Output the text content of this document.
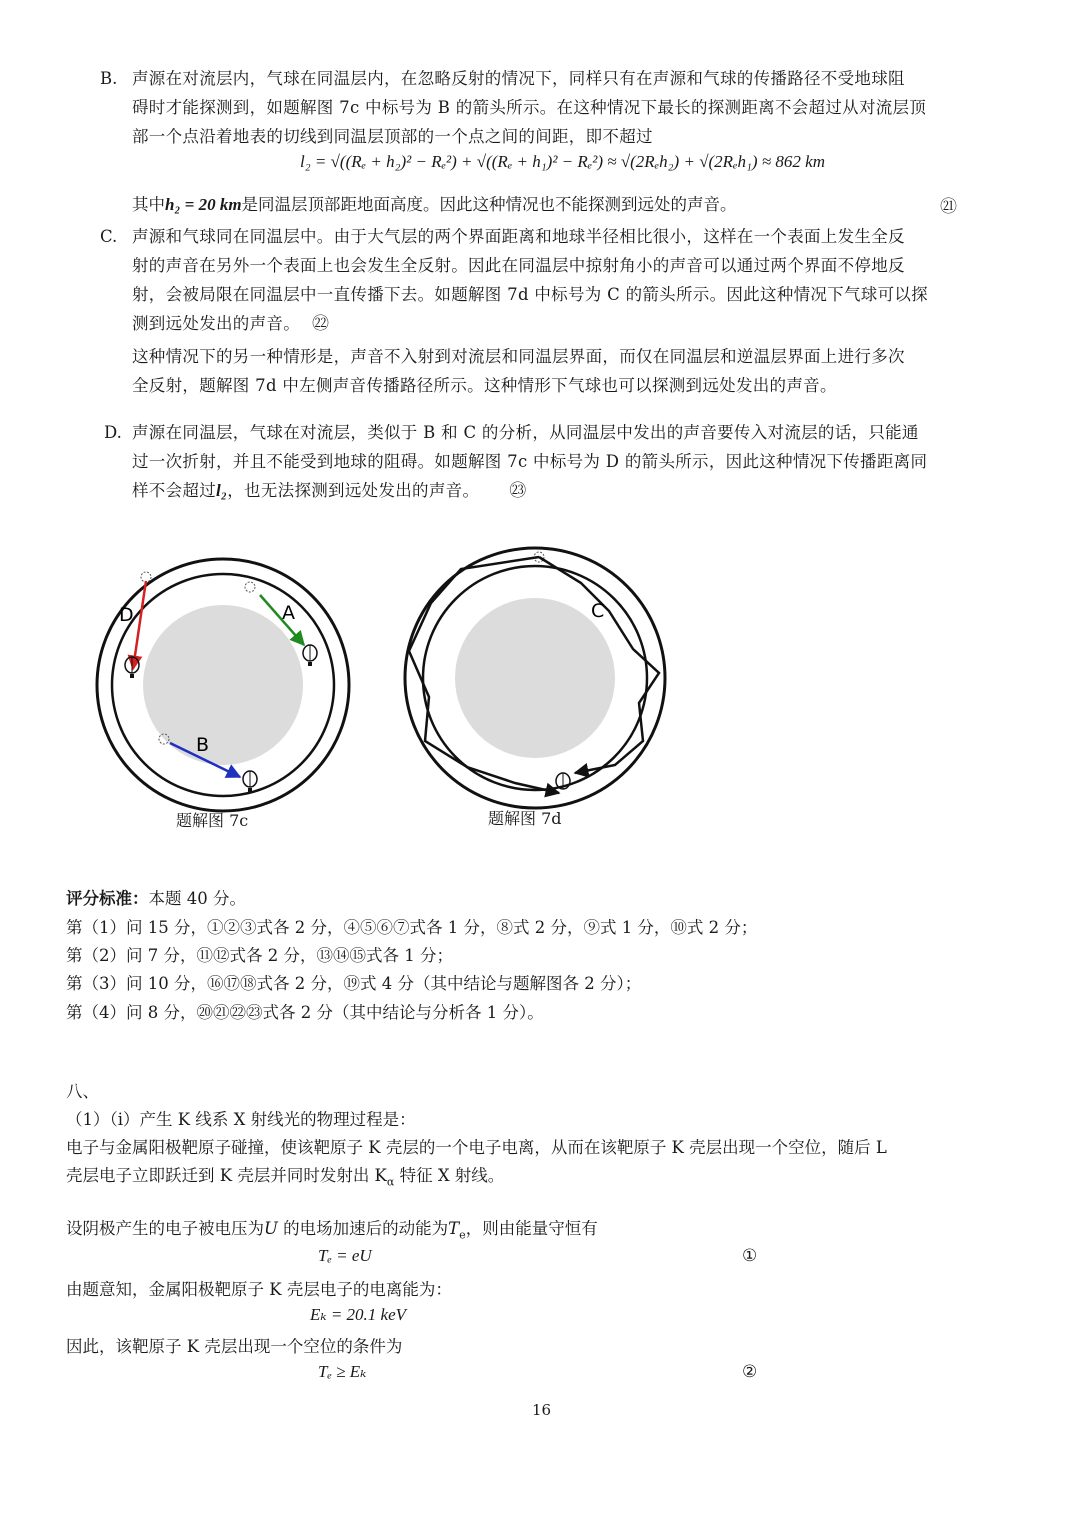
B. 声源在对流层内，气球在同温层内，在忽略反射的情况下，同样只有在声源和气球的传播路径不受地球阻
碍时才能探测到，如题解图 7c 中标号为 B 的箭头所示。在这种情况下最长的探测距离不会超过从对流层顶
部一个点沿着地表的切线到同温层顶部的一个点之间的间距，即不超过
l₂ = √((Rₑ + h₂)² − Rₑ²) + √((Rₑ + h₁)² − Rₑ²) ≈ √(2Rₑh₂) + √(2Rₑh₁) ≈ 862 km
其中h₂ = 20 km是同温层顶部距地面高度。因此这种情况也不能探测到远处的声音。	㉑
C. 声源和气球同在同温层中。由于大气层的两个界面距离和地球半径相比很小，这样在一个表面上发生全反
射的声音在另外一个表面上也会发生全反射。因此在同温层中掠射角小的声音可以通过两个界面不停地反
射，会被局限在同温层中一直传播下去。如题解图 7d 中标号为 C 的箭头所示。因此这种情况下气球可以探
测到远处发出的声音。 ㉒
这种情况下的另一种情形是，声音不入射到对流层和同温层界面，而仅在同温层和逆温层界面上进行多次
全反射，题解图 7d 中左侧声音传播路径所示。这种情形下气球也可以探测到远处发出的声音。
D. 声源在同温层，气球在对流层，类似于 B 和 C 的分析，从同温层中发出的声音要传入对流层的话，只能通
过一次折射，并且不能受到地球的阻碍。如题解图 7c 中标号为 D 的箭头所示，因此这种情况下传播距离同
样不会超过l₂，也无法探测到远处发出的声音。 ㉓
D	A
B
题解图 7c
C
题解图 7d
评分标准：本题 40 分。
第（1）问 15 分，①②③式各 2 分，④⑤⑥⑦式各 1 分，⑧式 2 分，⑨式 1 分，⑩式 2 分；
第（2）问 7 分，⑪⑫式各 2 分，⑬⑭⑮式各 1 分；
第（3）问 10 分，⑯⑰⑱式各 2 分，⑲式 4 分（其中结论与题解图各 2 分）；
第（4）问 8 分，⑳㉑㉒㉓式各 2 分（其中结论与分析各 1 分）。
八、
（1）（i）产生 K 线系 X 射线光的物理过程是：
电子与金属阳极靶原子碰撞，使该靶原子 K 壳层的一个电子电离，从而在该靶原子 K 壳层出现一个空位，随后 L
壳层电子立即跃迁到 K 壳层并同时发射出 $K_\alpha$ 特征 X 射线。
设阴极产生的电子被电压为U 的电场加速后的动能为$T_e$，则由能量守恒有
Tₑ = eU	①
由题意知，金属阳极靶原子 K 壳层电子的电离能为：
Eₖ = 20.1 keV
因此，该靶原子 K 壳层出现一个空位的条件为
Tₑ ≥ Eₖ	②
16
